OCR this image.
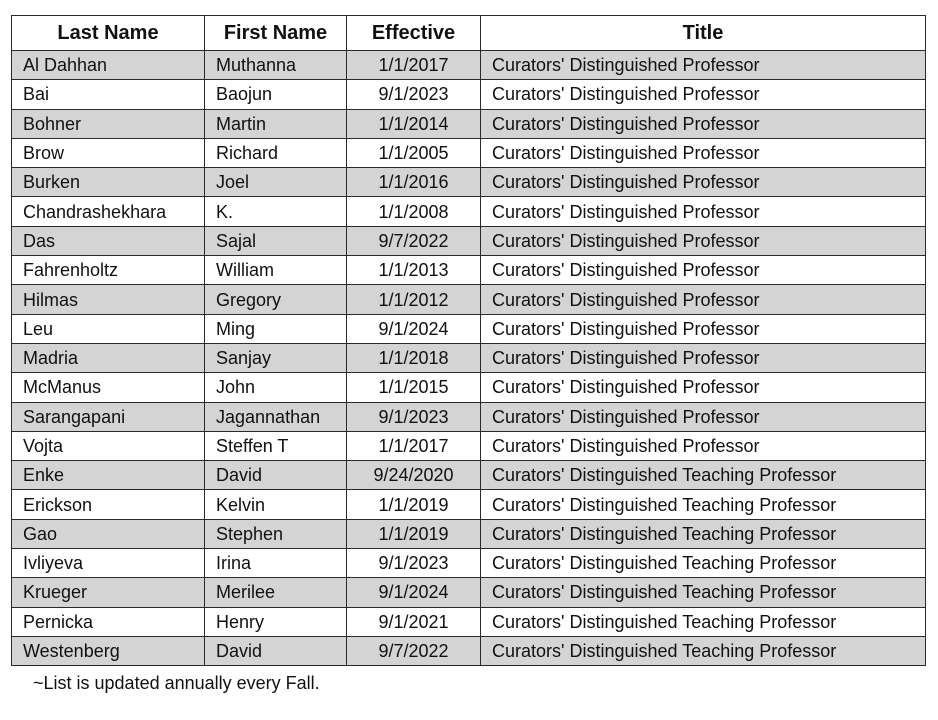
Last Name	First Name	Effective	Title
Al Dahhan	Muthanna	1/1/2017	Curators' Distinguished Professor
Bai	Baojun	9/1/2023	Curators' Distinguished Professor
Bohner	Martin	1/1/2014	Curators' Distinguished Professor
Brow	Richard	1/1/2005	Curators' Distinguished Professor
Burken	Joel	1/1/2016	Curators' Distinguished Professor
Chandrashekhara	K.	1/1/2008	Curators' Distinguished Professor
Das	Sajal	9/7/2022	Curators' Distinguished Professor
Fahrenholtz	William	1/1/2013	Curators' Distinguished Professor
Hilmas	Gregory	1/1/2012	Curators' Distinguished Professor
Leu	Ming	9/1/2024	Curators' Distinguished Professor
Madria	Sanjay	1/1/2018	Curators' Distinguished Professor
McManus	John	1/1/2015	Curators' Distinguished Professor
Sarangapani	Jagannathan	9/1/2023	Curators' Distinguished Professor
Vojta	Steffen T	1/1/2017	Curators' Distinguished Professor
Enke	David	9/24/2020	Curators' Distinguished Teaching Professor
Erickson	Kelvin	1/1/2019	Curators' Distinguished Teaching Professor
Gao	Stephen	1/1/2019	Curators' Distinguished Teaching Professor
Ivliyeva	Irina	9/1/2023	Curators' Distinguished Teaching Professor
Krueger	Merilee	9/1/2024	Curators' Distinguished Teaching Professor
Pernicka	Henry	9/1/2021	Curators' Distinguished Teaching Professor
Westenberg	David	9/7/2022	Curators' Distinguished Teaching Professor
~List is updated annually every Fall.
